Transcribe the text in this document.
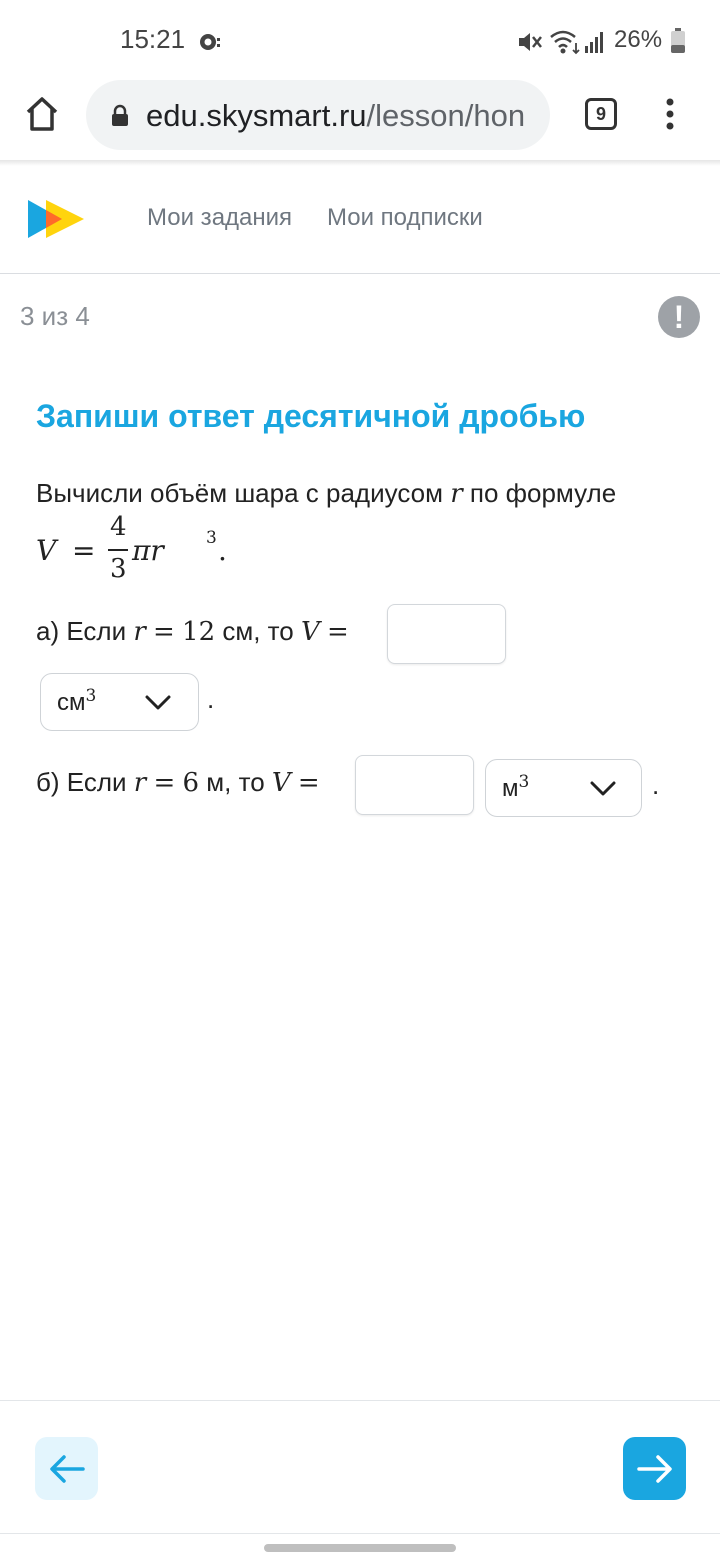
15:21	26%
edu.skysmart.ru/lesson/hon	9
Мои задания Мои подписки
3 из 4	!
Запиши ответ десятичной дробью
Вычисли объём шара с радиусом r по формуле
V =
4
3
πr 3 .
а) Если r = 12 см, то V =
$см^3$	.
б) Если r = 6 м, то V =	$м^3$	.
